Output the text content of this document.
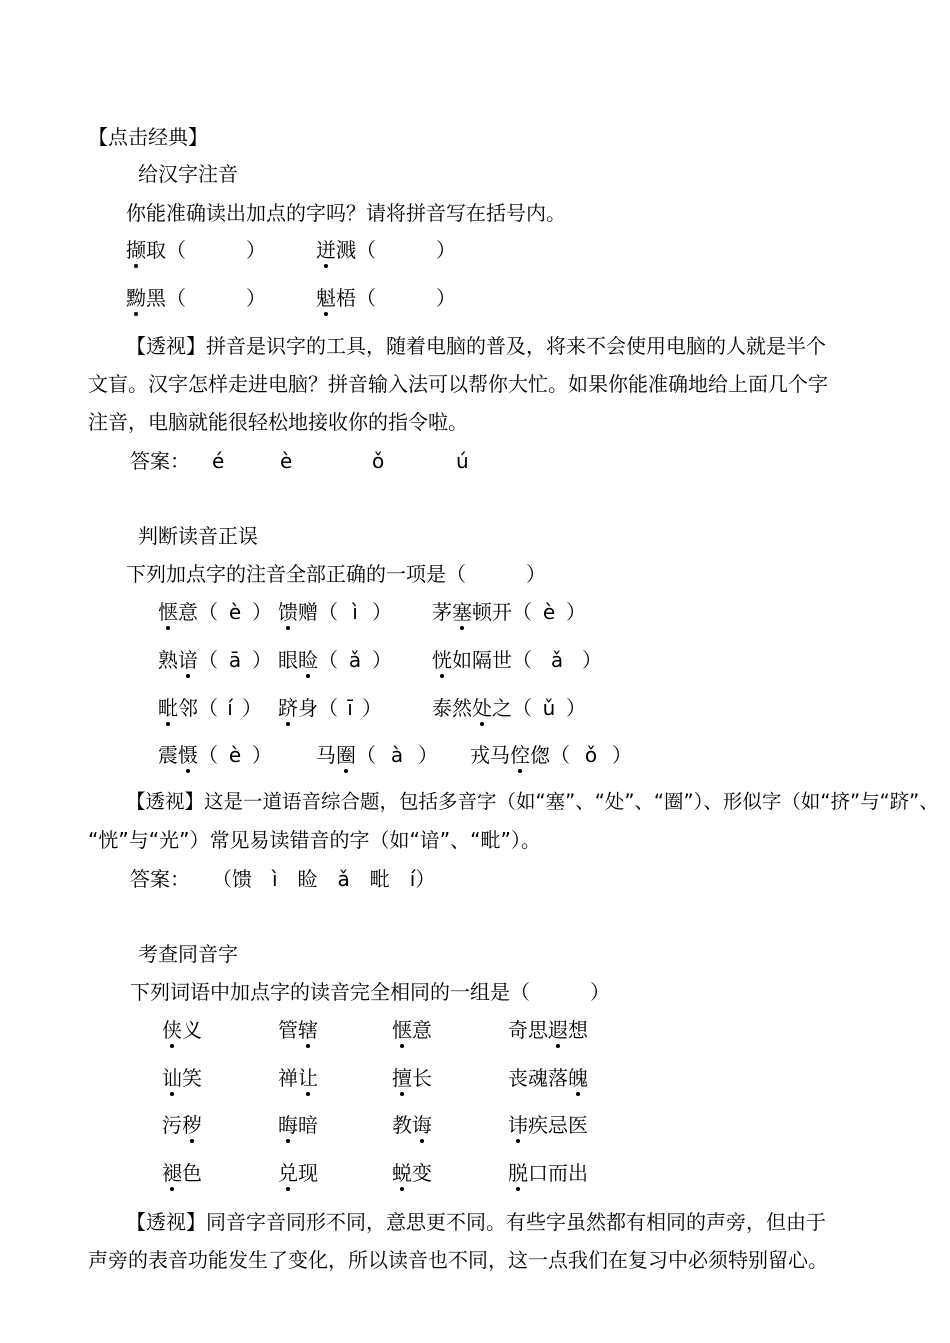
【点击经典】
给汉字注音
你能准确读出加点的字吗？请将拼音写在括号内。
撷取（　　　）	迸溅（　　　）
黝黑（　　　）	魁梧（　　　）
【透视】拼音是识字的工具，随着电脑的普及，将来不会使用电脑的人就是半个
文盲。汉字怎样走进电脑？拼音输入法可以帮你大忙。如果你能准确地给上面几个字
注音，电脑就能很轻松地接收你的指令啦。
答案： é	è	ǒ	ú
判断读音正误
下列加点字的注音全部正确的一项是（　　　）
惬意（ è ） 馈赠（ ì ） 茅塞顿开（ è ）
熟谙（ ā ） 眼睑（ ǎ ） 恍如隔世（ ǎ ）
毗邻（ í ） 跻身（ ī ）	泰然处之（ ǔ ）
震慑（ è ） 马圈（ à ） 戎马倥偬（ ǒ ）
【透视】这是一道语音综合题，包括多音字（如“塞”、“处”、“圈”）、形似字（如“挤”与“跻”、
“恍”与“光”）常见易读错音的字（如“谙”、“毗”）。
答案： （馈　ì　睑　ǎ　毗　í）
考查同音字
下列词语中加点字的读音完全相同的一组是（　　　）
侠义	管辖	惬意	奇思遐想
讪笑	禅让	擅长	丧魂落魄
污秽	晦暗	教诲	讳疾忌医
褪色	兑现	蜕变	脱口而出
【透视】同音字音同形不同，意思更不同。有些字虽然都有相同的声旁，但由于
声旁的表音功能发生了变化，所以读音也不同，这一点我们在复习中必须特别留心。
